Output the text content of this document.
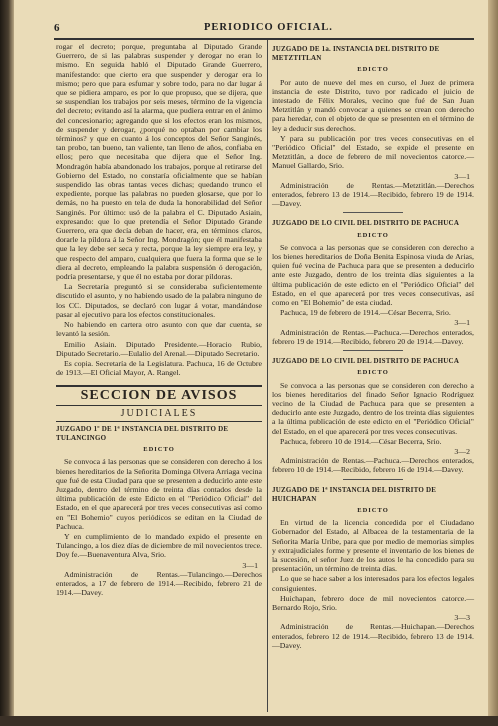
6	PERIODICO OFICIAL.

rogar el decreto; porque, preguntaba al Diputado Grande Guerrero, de si las palabras suspender y derogar no eran lo mismo. En seguida habló el Diputado Grande Guerrero, manifestando: que cierto era que suspender y derogar era lo mismo; pero que para esfumar y sobre todo, para no dar lugar á que se pidiera amparo, es por lo que propuso, que se dijera, que se suspendían los trabajos por seis meses, término de la vigencia del decreto; evitando así la alarma, que pudiera entrar en el ánimo del concesionario; agregando que si los efectos eran los mismos, de suspender y derogar, ¿porqué no optaban por cambiar los términos? y que en cuanto á los conceptos del Señor Sanginés, tan probo, tan bueno, tan valiente, tan lleno de años, confiaba en ellos; pero que necesitaba que dijera que el Señor Ing. Mondragón había abandonado los trabajos, porque al retirarse del Gobierno del Estado, no constaría oficialmente que se habían suspendido las obras tantas veces dichas; quedando trunco el expediente, porque las palabras no pueden glosarse, que por lo demás, no ha puesto en tela de duda la honorabilidad del Señor Sanginés. Por último: usó de la palabra el C. Diputado Asiain, expresando: que lo que pretendía el Señor Diputado Grande Guerrero, era que decía deban de hacer, era, en términos claros, dorarle la píldora á la Señor Ing. Mondragón; que él manifestaba que la ley debe ser seca y recta, porque la ley siempre era ley, y que respecto del amparo, cualquiera que fuera la forma que se le diera al decreto, empleando la palabra suspensión ó derogación, podría presentarse, y que él no estaba por dorar píldoras.

La Secretaría preguntó si se consideraba suficientemente discutido el asunto, y no habiendo usado de la palabra ninguno de los CC. Diputados, se declaró con lugar á votar, mandándose pasar al ejecutivo para los efectos constitucionales.

No habiendo en cartera otro asunto con que dar cuenta, se levantó la sesión.

Emilio Asiain. Diputado Presidente.—Horacio Rubio, Diputado Secretario.—Eulalio del Arenal.—Diputado Secretario.

Es copia. Secretaría de la Legislatura. Pachuca, 16 de Octubre de 1913.—El Oficial Mayor, A. Rangel.

SECCION DE AVISOS
JUDICIALES
JUZGADO 1º DE 1ª INSTANCIA DEL DISTRITO DE TULANCINGO
EDICTO

Se convoca á las personas que se consideren con derecho á los bienes hereditarios de la Señorita Dominga Olvera Arriaga vecina que fué de esta Ciudad para que se presenten a deducirlo ante este Juzgado, dentro del término de treinta días contados desde la última publicación de este Edicto en el "Periódico Oficial" del Estado, en el que aparecerá por tres veces consecutivas así como en "El Bohemio" cuyos periódicos se editan en la Ciudad de Pachuca.

Y en cumplimiento de lo mandado expido el presente en Tulancingo, a los diez días de diciembre de mil novecientos trece. Doy fe.—Buenaventura Alva, Srio.

3—1

Administración de Rentas.—Tulancingo.—Derechos enterados, a 17 de febrero de 1914.—Recibido, febrero 21 de 1914.—Davey.

JUZGADO DE 1a. INSTANCIA DEL DISTRITO DE METZTITLAN
EDICTO

Por auto de nueve del mes en curso, el Juez de primera instancia de este Distrito, tuvo por radicado el juicio de intestado de Félix Morales, vecino que fué de San Juan Metztitlán y mandó convocar a quienes se crean con derecho para heredar, con el objeto de que se presenten en el término de ley a deducir sus derechos.

Y para su publicación por tres veces consecutivas en el "Periódico Oficial" del Estado, se expide el presente en Metztitlán, a doce de febrero de mil novecientos catorce.—Manuel Gallardo, Srio.

3—1

Administración de Rentas.—Metztitlán.—Derechos enterados, febrero 13 de 1914.—Recibido, febrero 19 de 1914.—Davey.

JUZGADO DE LO CIVIL DEL DISTRITO DE PACHUCA
EDICTO

Se convoca a las personas que se consideren con derecho a los bienes hereditarios de Doña Benita Espinosa viuda de Arias, quien fué vecina de Pachuca para que se presenten a deducirlo ante este Juzgado, dentro de los treinta días siguientes a la última publicación de este edicto en el "Periódico Oficial" del Estado, en el que aparecerá por tres veces consecutivas, así como en "El Bohemio" de esta ciudad.

Pachuca, 19 de febrero de 1914.—César Becerra, Srio.

3—1

Administración de Rentas.—Pachuca.—Derechos enterados, febrero 19 de 1914.—Recibido, febrero 20 de 1914.—Davey.

JUZGADO DE LO CIVIL DEL DISTRITO DE PACHUCA
EDICTO

Se convoca a las personas que se consideren con derecho a los bienes hereditarios del finado Señor Ignacio Rodríguez vecino de la Ciudad de Pachuca para que se presenten a deducirlo ante este Juzgado, dentro de los treinta días siguientes a la última publicación de este edicto en el "Periódico Oficial" del Estado, en el que aparecerá por tres veces consecutivas.

Pachuca, febrero 10 de 1914.—César Becerra, Srio.

3—2

Administración de Rentas.—Pachuca.—Derechos enterados, febrero 10 de 1914.—Recibido, febrero 16 de 1914.—Davey.

JUZGADO DE 1ª INSTANCIA DEL DISTRITO DE HUICHAPAN
EDICTO

En virtud de la licencia concedida por el Ciudadano Gobernador del Estado, al Albacea de la testamentaria de la Señorita María Uribe, para que por medio de memorias simples y extrajudiciales forme y presente el inventario de los bienes de la sucesión, el señor Juez de los autos le ha concedido para su presentación, un término de treinta días.

Lo que se hace saber a los interesados para los efectos legales consiguientes.

Huichapan, febrero doce de mil novecientos catorce.—Bernardo Rojo, Srio.

3—3

Administración de Rentas.—Huichapan.—Derechos enterados, febrero 12 de 1914.—Recibido, febrero 13 de 1914.—Davey.
